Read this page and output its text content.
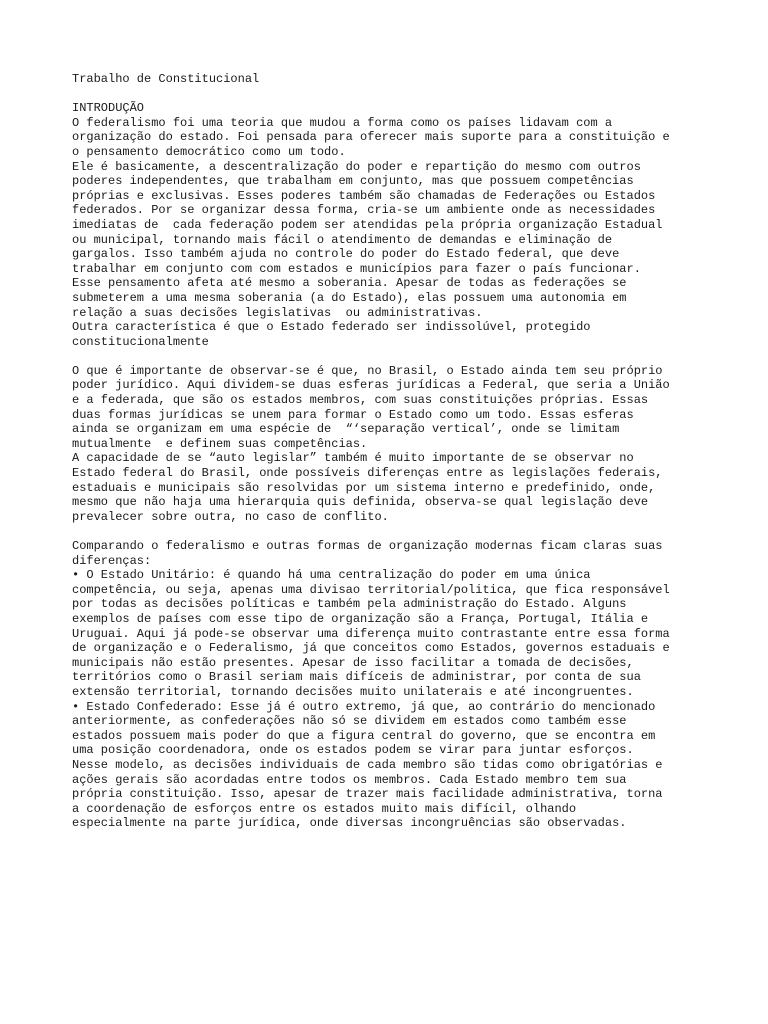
Trabalho de Constitucional

INTRODUÇÃO

O federalismo foi uma teoria que mudou a forma como os países lidavam com a
organização do estado. Foi pensada para oferecer mais suporte para a constituição e
o pensamento democrático como um todo.

Ele é basicamente, a descentralização do poder e repartição do mesmo com outros
poderes independentes, que trabalham em conjunto, mas que possuem competências
próprias e exclusivas. Esses poderes também são chamadas de Federações ou Estados
federados. Por se organizar dessa forma, cria-se um ambiente onde as necessidades
imediatas de  cada federação podem ser atendidas pela própria organização Estadual
ou municipal, tornando mais fácil o atendimento de demandas e eliminação de
gargalos. Isso também ajuda no controle do poder do Estado federal, que deve
trabalhar em conjunto com com estados e municípios para fazer o país funcionar.
Esse pensamento afeta até mesmo a soberania. Apesar de todas as federações se
submeterem a uma mesma soberania (a do Estado), elas possuem uma autonomia em
relação a suas decisões legislativas  ou administrativas.

Outra característica é que o Estado federado ser indissolúvel, protegido
constitucionalmente

O que é importante de observar-se é que, no Brasil, o Estado ainda tem seu próprio
poder jurídico. Aqui dividem-se duas esferas jurídicas a Federal, que seria a União
e a federada, que são os estados membros, com suas constituições próprias. Essas
duas formas jurídicas se unem para formar o Estado como um todo. Essas esferas
ainda se organizam em uma espécie de  “‘separação vertical’, onde se limitam
mutualmente  e definem suas competências.

A capacidade de se “auto legislar” também é muito importante de se observar no
Estado federal do Brasil, onde possíveis diferenças entre as legislações federais,
estaduais e municipais são resolvidas por um sistema interno e predefinido, onde,
mesmo que não haja uma hierarquia quis definida, observa-se qual legislação deve
prevalecer sobre outra, no caso de conflito.

Comparando o federalismo e outras formas de organização modernas ficam claras suas
diferenças:

• O Estado Unitário: é quando há uma centralização do poder em uma única
competência, ou seja, apenas uma divisao territorial/politica, que fica responsável
por todas as decisões políticas e também pela administração do Estado. Alguns
exemplos de países com esse tipo de organização são a França, Portugal, Itália e
Uruguai. Aqui já pode-se observar uma diferença muito contrastante entre essa forma
de organização e o Federalismo, já que conceitos como Estados, governos estaduais e
municipais não estão presentes. Apesar de isso facilitar a tomada de decisões,
territórios como o Brasil seriam mais difíceis de administrar, por conta de sua
extensão territorial, tornando decisões muito unilaterais e até incongruentes.

• Estado Confederado: Esse já é outro extremo, já que, ao contrário do mencionado
anteriormente, as confederações não só se dividem em estados como também esse
estados possuem mais poder do que a figura central do governo, que se encontra em
uma posição coordenadora, onde os estados podem se virar para juntar esforços.
Nesse modelo, as decisões individuais de cada membro são tidas como obrigatórias e
ações gerais são acordadas entre todos os membros. Cada Estado membro tem sua
própria constituição. Isso, apesar de trazer mais facilidade administrativa, torna
a coordenação de esforços entre os estados muito mais difícil, olhando
especialmente na parte jurídica, onde diversas incongruências são observadas.
